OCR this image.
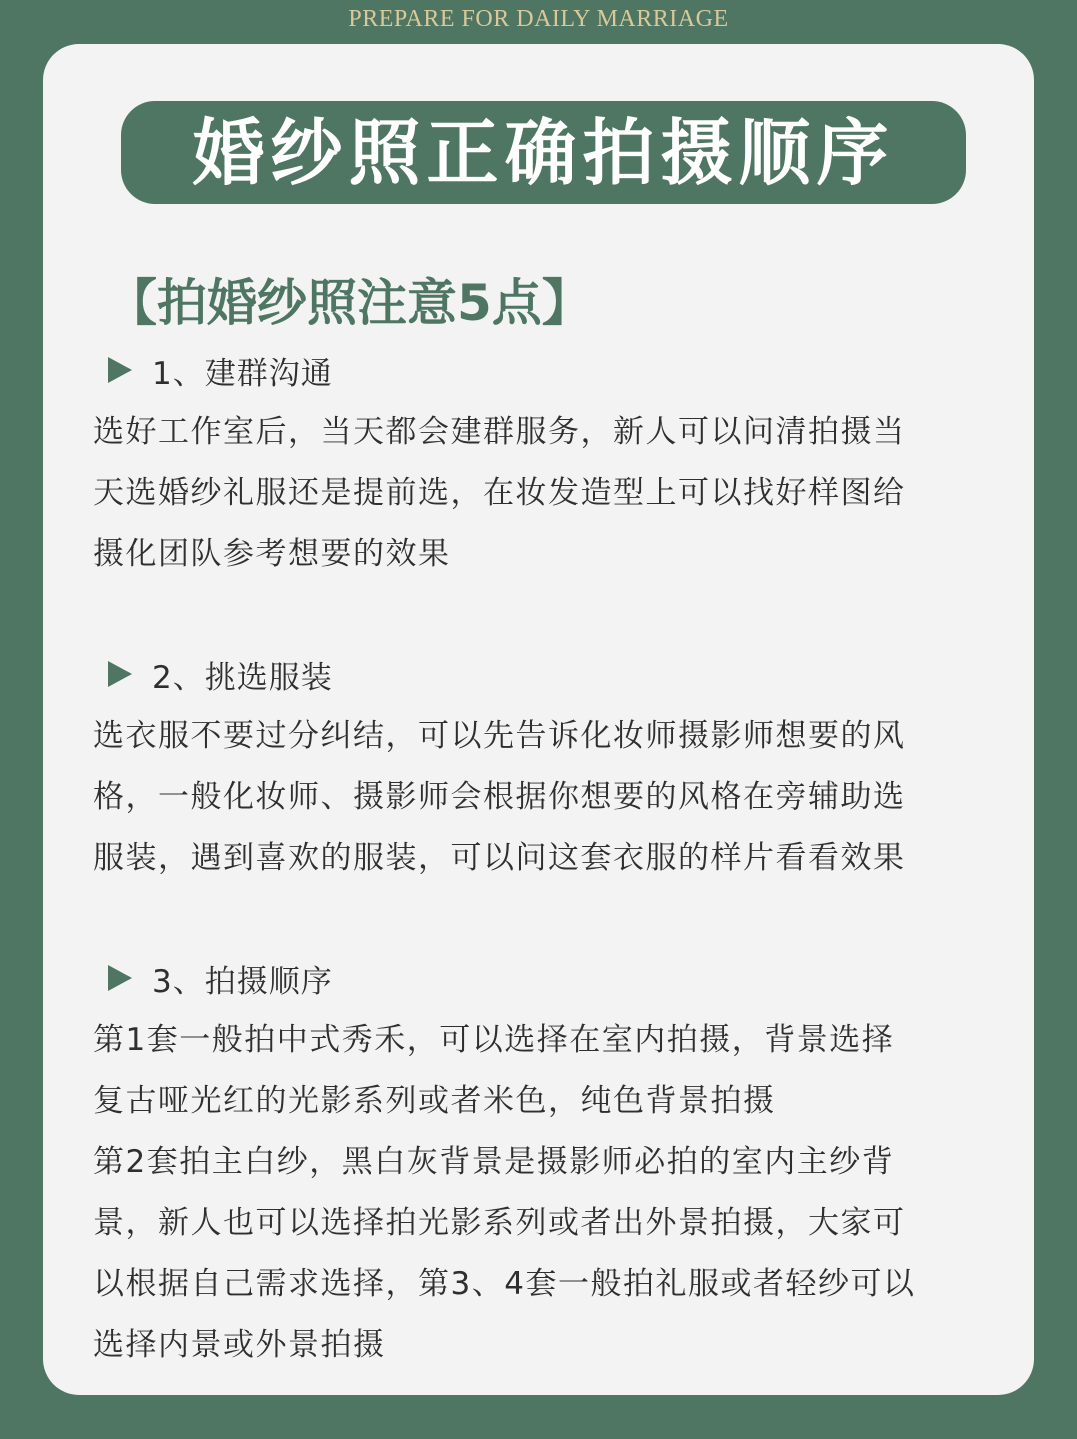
PREPARE FOR DAILY MARRIAGE
婚纱照正确拍摄顺序
【 拍婚纱照注意5点 】
1、建群沟通
选好工作室后，当天都会建群服务，新人可以问清拍摄当
天选婚纱礼服还是提前选，在妆发造型上可以找好样图给
摄化团队参考想要的效果
2、挑选服装
选衣服不要过分纠结，可以先告诉化妆师摄影师想要的风
格，一般化妆师、摄影师会根据你想要的风格在旁辅助选
服装，遇到喜欢的服装，可以问这套衣服的样片看看效果
3、拍摄顺序
第1套一般拍中式秀禾，可以选择在室内拍摄，背景选择
复古哑光红的光影系列或者米色，纯色背景拍摄
第2套拍主白纱，黑白灰背景是摄影师必拍的室内主纱背
景，新人也可以选择拍光影系列或者出外景拍摄，大家可
以根据自己需求选择，第3、4套一般拍礼服或者轻纱可以
选择内景或外景拍摄
